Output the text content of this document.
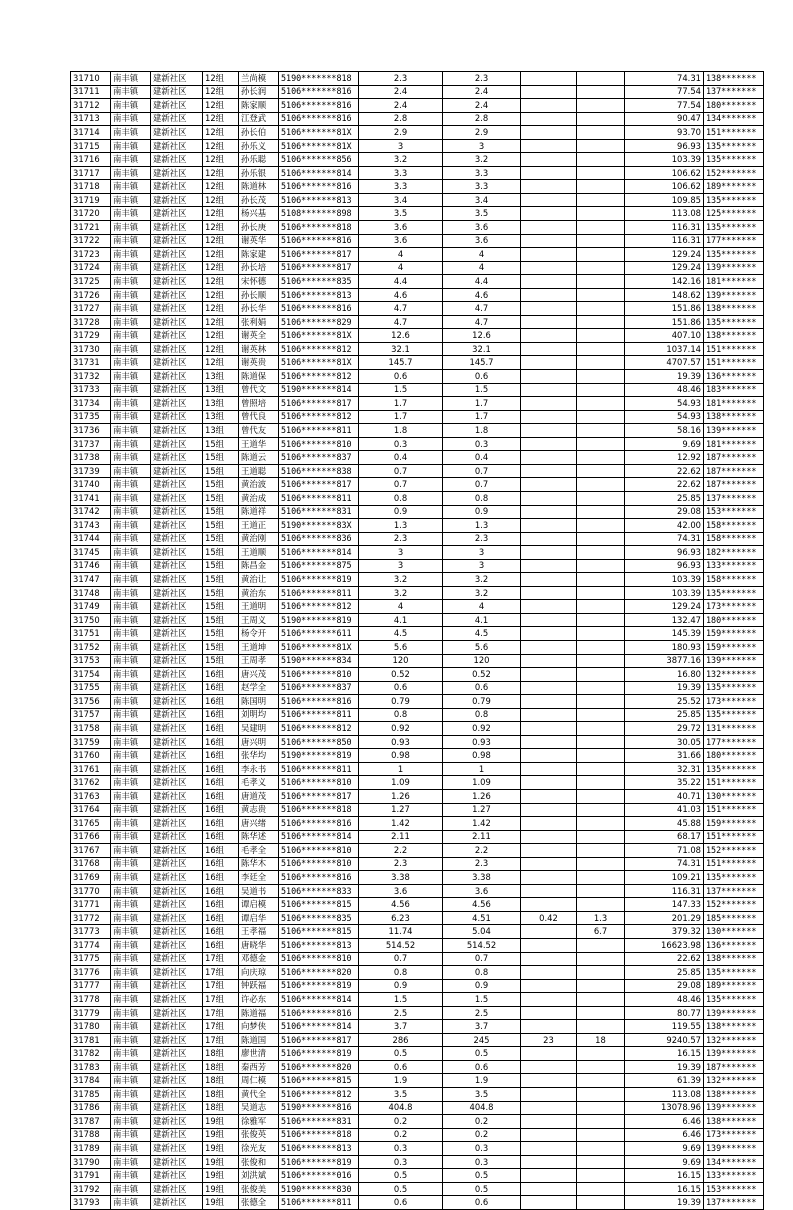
31710	南丰镇	建新社区	12组	兰尚模	5190*******818	2.3	2.3			74.31	138*******
31711	南丰镇	建新社区	12组	孙长润	5106*******816	2.4	2.4			77.54	137*******
31712	南丰镇	建新社区	12组	陈家顺	5106*******816	2.4	2.4			77.54	180*******
31713	南丰镇	建新社区	12组	江登武	5106*******816	2.8	2.8			90.47	134*******
31714	南丰镇	建新社区	12组	孙长伯	5106*******81X	2.9	2.9			93.70	151*******
31715	南丰镇	建新社区	12组	孙乐义	5106*******81X	3	3			96.93	135*******
31716	南丰镇	建新社区	12组	孙乐聪	5106*******856	3.2	3.2			103.39	135*******
31717	南丰镇	建新社区	12组	孙乐银	5106*******814	3.3	3.3			106.62	152*******
31718	南丰镇	建新社区	12组	陈道林	5106*******816	3.3	3.3			106.62	189*******
31719	南丰镇	建新社区	12组	孙长茂	5106*******813	3.4	3.4			109.85	135*******
31720	南丰镇	建新社区	12组	杨兴基	5108*******898	3.5	3.5			113.08	125*******
31721	南丰镇	建新社区	12组	孙长庚	5106*******818	3.6	3.6			116.31	135*******
31722	南丰镇	建新社区	12组	谢英华	5106*******816	3.6	3.6			116.31	177*******
31723	南丰镇	建新社区	12组	陈家建	5106*******817	4	4			129.24	135*******
31724	南丰镇	建新社区	12组	孙长培	5106*******817	4	4			129.24	139*******
31725	南丰镇	建新社区	12组	宋怀德	5106*******835	4.4	4.4			142.16	181*******
31726	南丰镇	建新社区	12组	孙长顺	5106*******813	4.6	4.6			148.62	139*******
31727	南丰镇	建新社区	12组	孙长华	5106*******816	4.7	4.7			151.86	138*******
31728	南丰镇	建新社区	12组	张利娟	5106*******829	4.7	4.7			151.86	135*******
31729	南丰镇	建新社区	12组	谢英全	5106*******81X	12.6	12.6			407.10	138*******
31730	南丰镇	建新社区	12组	谢英林	5106*******812	32.1	32.1			1037.14	151*******
31731	南丰镇	建新社区	12组	谢英贵	5106*******81X	145.7	145.7			4707.57	151*******
31732	南丰镇	建新社区	13组	陈道保	5106*******812	0.6	0.6			19.39	136*******
31733	南丰镇	建新社区	13组	曾代文	5190*******814	1.5	1.5			48.46	183*******
31734	南丰镇	建新社区	13组	曾照培	5106*******817	1.7	1.7			54.93	181*******
31735	南丰镇	建新社区	13组	曾代良	5106*******812	1.7	1.7			54.93	138*******
31736	南丰镇	建新社区	13组	曾代友	5106*******811	1.8	1.8			58.16	139*******
31737	南丰镇	建新社区	15组	王道华	5106*******810	0.3	0.3			9.69	181*******
31738	南丰镇	建新社区	15组	陈道云	5106*******837	0.4	0.4			12.92	187*******
31739	南丰镇	建新社区	15组	王道聪	5106*******838	0.7	0.7			22.62	187*******
31740	南丰镇	建新社区	15组	黄治波	5106*******817	0.7	0.7			22.62	187*******
31741	南丰镇	建新社区	15组	黄治成	5106*******811	0.8	0.8			25.85	137*******
31742	南丰镇	建新社区	15组	陈道祥	5106*******831	0.9	0.9			29.08	153*******
31743	南丰镇	建新社区	15组	王道正	5190*******83X	1.3	1.3			42.00	158*******
31744	南丰镇	建新社区	15组	黄治刚	5106*******836	2.3	2.3			74.31	158*******
31745	南丰镇	建新社区	15组	王道顺	5106*******814	3	3			96.93	182*******
31746	南丰镇	建新社区	15组	陈昌金	5106*******875	3	3			96.93	133*******
31747	南丰镇	建新社区	15组	黄治让	5106*******819	3.2	3.2			103.39	158*******
31748	南丰镇	建新社区	15组	黄治东	5106*******811	3.2	3.2			103.39	135*******
31749	南丰镇	建新社区	15组	王道明	5106*******812	4	4			129.24	173*******
31750	南丰镇	建新社区	15组	王周义	5190*******819	4.1	4.1			132.47	180*******
31751	南丰镇	建新社区	15组	杨令开	5106*******611	4.5	4.5			145.39	159*******
31752	南丰镇	建新社区	15组	王道坤	5106*******81X	5.6	5.6			180.93	159*******
31753	南丰镇	建新社区	15组	王周孝	5190*******834	120	120			3877.16	139*******
31754	南丰镇	建新社区	16组	唐兴茂	5106*******810	0.52	0.52			16.80	132*******
31755	南丰镇	建新社区	16组	赵学全	5106*******837	0.6	0.6			19.39	135*******
31756	南丰镇	建新社区	16组	陈国明	5106*******816	0.79	0.79			25.52	173*******
31757	南丰镇	建新社区	16组	刘明均	5106*******811	0.8	0.8			25.85	135*******
31758	南丰镇	建新社区	16组	吴建明	5106*******812	0.92	0.92			29.72	131*******
31759	南丰镇	建新社区	16组	唐兴明	5106*******850	0.93	0.93			30.05	177*******
31760	南丰镇	建新社区	16组	张华均	5190*******819	0.98	0.98			31.66	180*******
31761	南丰镇	建新社区	16组	李永书	5106*******811	1	1			32.31	135*******
31762	南丰镇	建新社区	16组	毛孝义	5106*******810	1.09	1.09			35.22	151*******
31763	南丰镇	建新社区	16组	唐道茂	5106*******817	1.26	1.26			40.71	130*******
31764	南丰镇	建新社区	16组	黄志贵	5106*******818	1.27	1.27			41.03	151*******
31765	南丰镇	建新社区	16组	唐兴绪	5106*******816	1.42	1.42			45.88	159*******
31766	南丰镇	建新社区	16组	陈华述	5106*******814	2.11	2.11			68.17	151*******
31767	南丰镇	建新社区	16组	毛孝全	5106*******810	2.2	2.2			71.08	152*******
31768	南丰镇	建新社区	16组	陈华木	5106*******810	2.3	2.3			74.31	151*******
31769	南丰镇	建新社区	16组	李廷全	5106*******816	3.38	3.38			109.21	135*******
31770	南丰镇	建新社区	16组	吴道书	5106*******833	3.6	3.6			116.31	137*******
31771	南丰镇	建新社区	16组	谭启模	5106*******815	4.56	4.56			147.33	152*******
31772	南丰镇	建新社区	16组	谭启华	5106*******835	6.23	4.51	0.42	1.3	201.29	185*******
31773	南丰镇	建新社区	16组	王孝福	5106*******815	11.74	5.04		6.7	379.32	130*******
31774	南丰镇	建新社区	16组	唐晓华	5106*******813	514.52	514.52			16623.98	136*******
31775	南丰镇	建新社区	17组	邓德金	5106*******810	0.7	0.7			22.62	138*******
31776	南丰镇	建新社区	17组	向庆琼	5106*******820	0.8	0.8			25.85	135*******
31777	南丰镇	建新社区	17组	钟跃福	5106*******819	0.9	0.9			29.08	189*******
31778	南丰镇	建新社区	17组	许必东	5106*******814	1.5	1.5			48.46	135*******
31779	南丰镇	建新社区	17组	陈道福	5106*******816	2.5	2.5			80.77	139*******
31780	南丰镇	建新社区	17组	向梦侠	5106*******814	3.7	3.7			119.55	138*******
31781	南丰镇	建新社区	17组	陈道国	5106*******817	286	245	23	18	9240.57	132*******
31782	南丰镇	建新社区	18组	廖世清	5106*******819	0.5	0.5			16.15	139*******
31783	南丰镇	建新社区	18组	秦西芳	5106*******820	0.6	0.6			19.39	187*******
31784	南丰镇	建新社区	18组	周仁模	5106*******815	1.9	1.9			61.39	132*******
31785	南丰镇	建新社区	18组	黄代全	5106*******812	3.5	3.5			113.08	138*******
31786	南丰镇	建新社区	18组	吴道志	5190*******816	404.8	404.8			13078.96	139*******
31787	南丰镇	建新社区	19组	徐雅军	5106*******831	0.2	0.2			6.46	138*******
31788	南丰镇	建新社区	19组	张俊英	5106*******818	0.2	0.2			6.46	173*******
31789	南丰镇	建新社区	19组	徐光友	5106*******813	0.3	0.3			9.69	139*******
31790	南丰镇	建新社区	19组	张俊和	5106*******819	0.3	0.3			9.69	134*******
31791	南丰镇	建新社区	19组	刘洪斌	5106*******016	0.5	0.5			16.15	133*******
31792	南丰镇	建新社区	19组	张俊美	5190*******830	0.5	0.5			16.15	153*******
31793	南丰镇	建新社区	19组	张德全	5106*******811	0.6	0.6			19.39	137*******
